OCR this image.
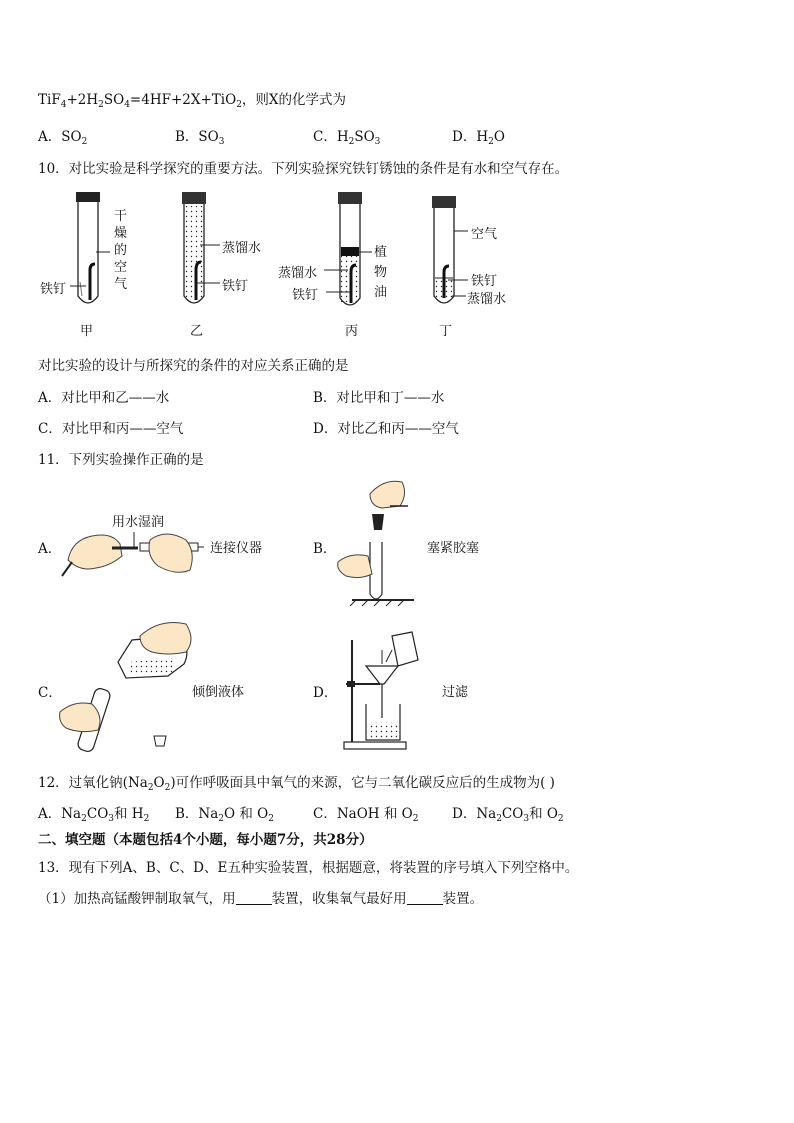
$TiF_4+2H_2SO_4=4HF+2X+TiO_2$，则X的化学式为
A．$SO_2$	B．$SO_3$	C．$H_2SO_3$	D．$H_2O$
10．对比实验是科学探究的重要方法。下列实验探究铁钉锈蚀的条件是有水和空气存在。
干
燥
的
空
气
铁钉
甲
蒸馏水
铁钉
乙
植
物
油
蒸馏水
铁钉
丙
空气
铁钉
蒸馏水
丁
对比实验的设计与所探究的条件的对应关系正确的是
A．对比甲和乙——水	B．对比甲和丁——水
C．对比甲和丙——空气	D．对比乙和丙——空气
11．下列实验操作正确的是
A．
用水湿润
连接仪器	B．	塞紧胶塞
C．	倾倒液体	D．	过滤
12．过氧化钠$(Na_2O_2)$可作呼吸面具中氧气的来源，它与二氧化碳反应后的生成物为( )
A．$Na_2CO_3$和 $H_2$ B．$Na_2O$ 和 $O_2$	C．NaOH 和 $O_2$ D．$Na_2CO_3$和 $O_2$
二、填空题（本题包括4个小题，每小题7分，共28分）
13．现有下列A、B、C、D、E五种实验装置，根据题意，将装置的序号填入下列空格中。
（1）加热高锰酸钾制取氧气，用	装置，收集氧气最好用	装置。
